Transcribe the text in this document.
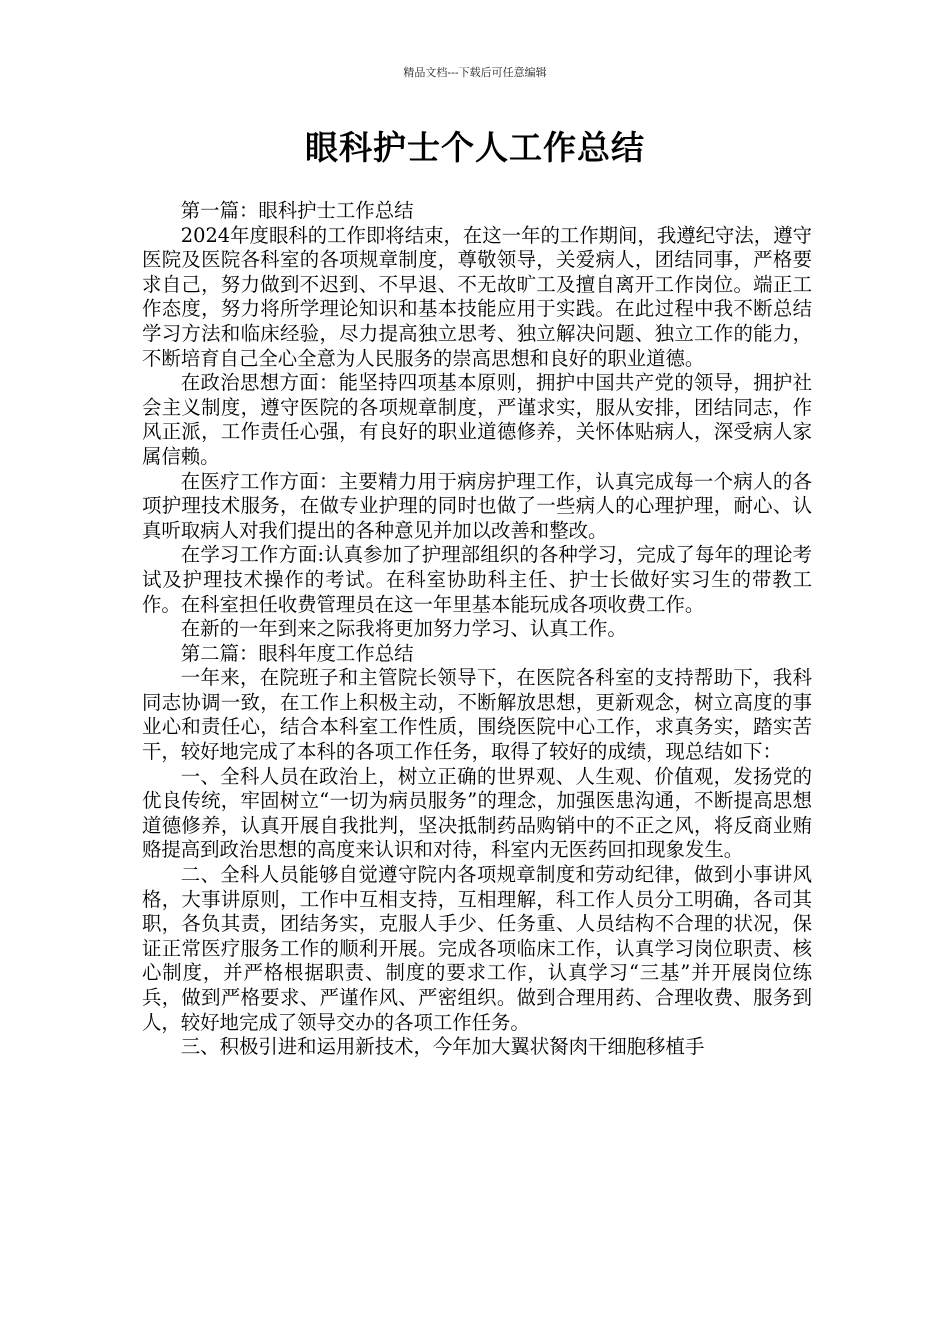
精品文档---下载后可任意编辑
眼科护士个人工作总结

第一篇：眼科护士工作总结

2024年度眼科的工作即将结束，在这一年的工作期间，我遵纪守法，遵守医院及医院各科室的各项规章制度，尊敬领导，关爱病人，团结同事，严格要求自己，努力做到不迟到、不早退、不无故旷工及擅自离开工作岗位。端正工作态度，努力将所学理论知识和基本技能应用于实践。在此过程中我不断总结学习方法和临床经验，尽力提高独立思考、独立解决问题、独立工作的能力，不断培育自己全心全意为人民服务的崇高思想和良好的职业道德。

在政治思想方面：能坚持四项基本原则，拥护中国共产党的领导，拥护社会主义制度，遵守医院的各项规章制度，严谨求实，服从安排，团结同志，作风正派，工作责任心强，有良好的职业道德修养，关怀体贴病人，深受病人家属信赖。

在医疗工作方面：主要精力用于病房护理工作，认真完成每一个病人的各项护理技术服务，在做专业护理的同时也做了一些病人的心理护理，耐心、认真听取病人对我们提出的各种意见并加以改善和整改。

在学习工作方面:认真参加了护理部组织的各种学习，完成了每年的理论考试及护理技术操作的考试。在科室协助科主任、护士长做好实习生的带教工作。在科室担任收费管理员在这一年里基本能玩成各项收费工作。

在新的一年到来之际我将更加努力学习、认真工作。

第二篇：眼科年度工作总结

一年来，在院班子和主管院长领导下，在医院各科室的支持帮助下，我科同志协调一致，在工作上积极主动，不断解放思想，更新观念，树立高度的事业心和责任心，结合本科室工作性质，围绕医院中心工作，求真务实，踏实苦干，较好地完成了本科的各项工作任务，取得了较好的成绩，现总结如下：

一、全科人员在政治上，树立正确的世界观、人生观、价值观，发扬党的优良传统，牢固树立“一切为病员服务”的理念，加强医患沟通，不断提高思想道德修养，认真开展自我批判，坚决抵制药品购销中的不正之风，将反商业贿赂提高到政治思想的高度来认识和对待，科室内无医药回扣现象发生。

二、全科人员能够自觉遵守院内各项规章制度和劳动纪律，做到小事讲风格，大事讲原则，工作中互相支持，互相理解，科工作人员分工明确，各司其职，各负其责，团结务实，克服人手少、任务重、人员结构不合理的状况，保证正常医疗服务工作的顺利开展。完成各项临床工作，认真学习岗位职责、核心制度，并严格根据职责、制度的要求工作，认真学习“三基”并开展岗位练兵，做到严格要求、严谨作风、严密组织。做到合理用药、合理收费、服务到人，较好地完成了领导交办的各项工作任务。

三、积极引进和运用新技术，今年加大翼状胬肉干细胞移植手
